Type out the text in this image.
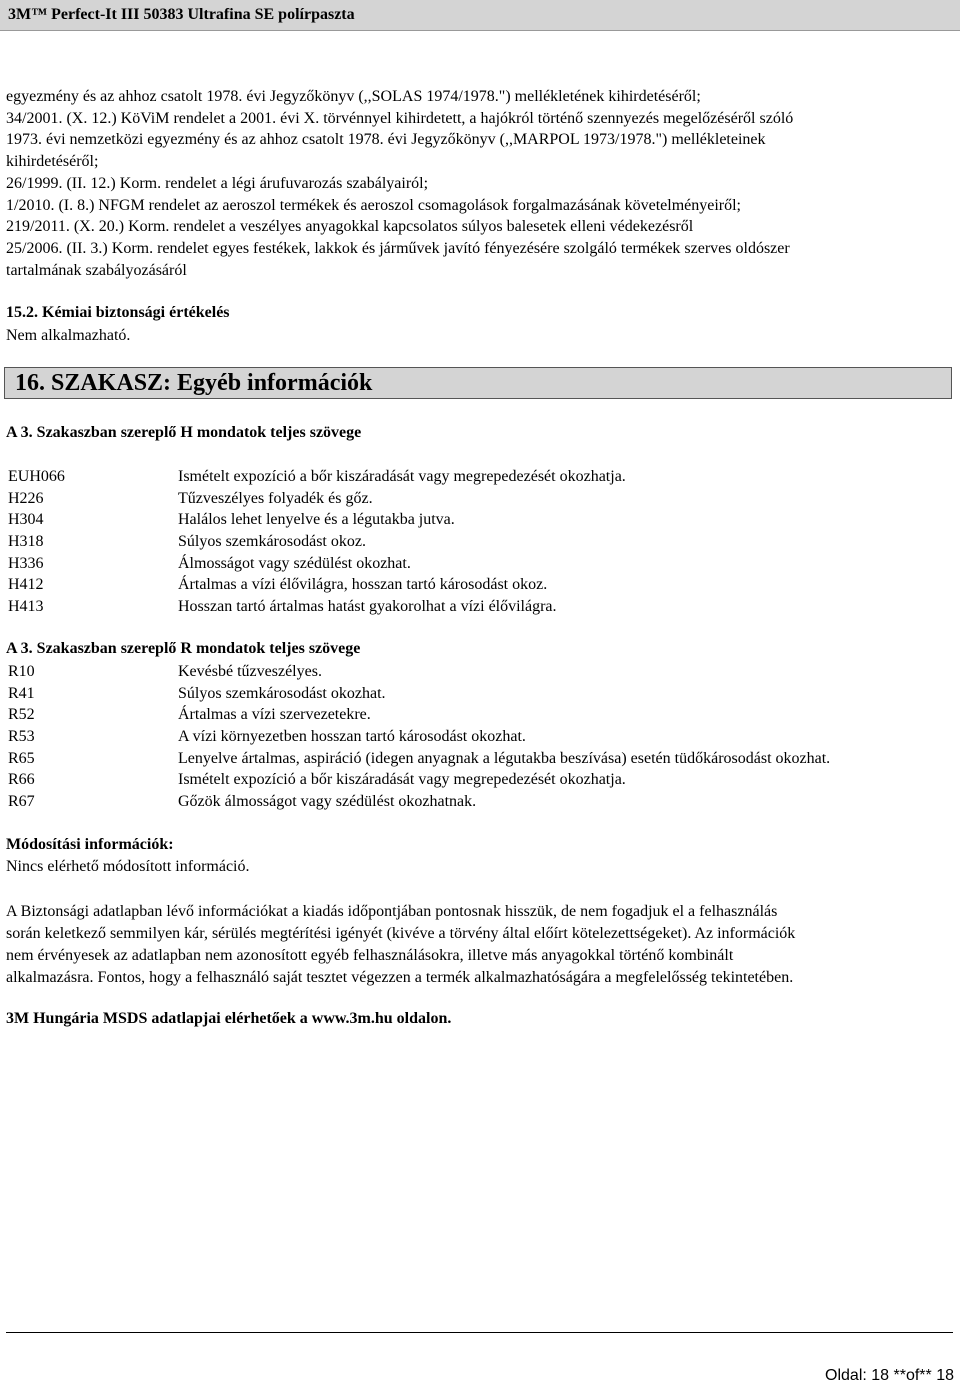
3M™ Perfect-It III 50383 Ultrafina SE polírpaszta
egyezmény és az ahhoz csatolt 1978. évi Jegyzőkönyv (,,SOLAS 1974/1978.") mellékletének kihirdetéséről;
34/2001. (X. 12.) KöViM rendelet a 2001. évi X. törvénnyel kihirdetett, a hajókról történő szennyezés megelőzéséről szóló
1973. évi nemzetközi egyezmény és az ahhoz csatolt 1978. évi Jegyzőkönyv (,,MARPOL 1973/1978.") mellékleteinek
kihirdetéséről;
26/1999. (II. 12.) Korm. rendelet a légi árufuvarozás szabályairól;
1/2010. (I. 8.) NFGM rendelet az aeroszol termékek és aeroszol csomagolások forgalmazásának követelményeiről;
219/2011. (X. 20.) Korm. rendelet a veszélyes anyagokkal kapcsolatos súlyos balesetek elleni védekezésről
25/2006. (II. 3.) Korm. rendelet egyes festékek, lakkok és járművek javító fényezésére szolgáló termékek szerves oldószer
tartalmának szabályozásáról
15.2. Kémiai biztonsági értékelés
Nem alkalmazható.
16. SZAKASZ: Egyéb információk
A 3. Szakaszban szereplő H mondatok teljes szövege
EUH066	Ismételt expozíció a bőr kiszáradását vagy megrepedezését okozhatja.
H226	Tűzveszélyes folyadék és gőz.
H304	Halálos lehet lenyelve és a légutakba jutva.
H318	Súlyos szemkárosodást okoz.
H336	Álmosságot vagy szédülést okozhat.
H412	Ártalmas a vízi élővilágra, hosszan tartó károsodást okoz.
H413	Hosszan tartó ártalmas hatást gyakorolhat a vízi élővilágra.
A 3. Szakaszban szereplő R mondatok teljes szövege
R10	Kevésbé tűzveszélyes.
R41	Súlyos szemkárosodást okozhat.
R52	Ártalmas a vízi szervezetekre.
R53	A vízi környezetben hosszan tartó károsodást okozhat.
R65	Lenyelve ártalmas, aspiráció (idegen anyagnak a légutakba beszívása) esetén tüdőkárosodást okozhat.
R66	Ismételt expozíció a bőr kiszáradását vagy megrepedezését okozhatja.
R67	Gőzök álmosságot vagy szédülést okozhatnak.
Módosítási információk:
Nincs elérhető módosított információ.
A Biztonsági adatlapban lévő információkat a kiadás időpontjában pontosnak hisszük, de nem fogadjuk el a felhasználás
során keletkező semmilyen kár, sérülés megtérítési igényét (kivéve a törvény által előírt kötelezettségeket). Az információk
nem érvényesek az adatlapban nem azonosított egyéb felhasználásokra, illetve más anyagokkal történő kombinált
alkalmazásra. Fontos, hogy a felhasználó saját tesztet végezzen a termék alkalmazhatóságára a megfelelősség tekintetében.
3M Hungária MSDS adatlapjai elérhetőek a www.3m.hu oldalon.
Oldal: 18 **of** 18
